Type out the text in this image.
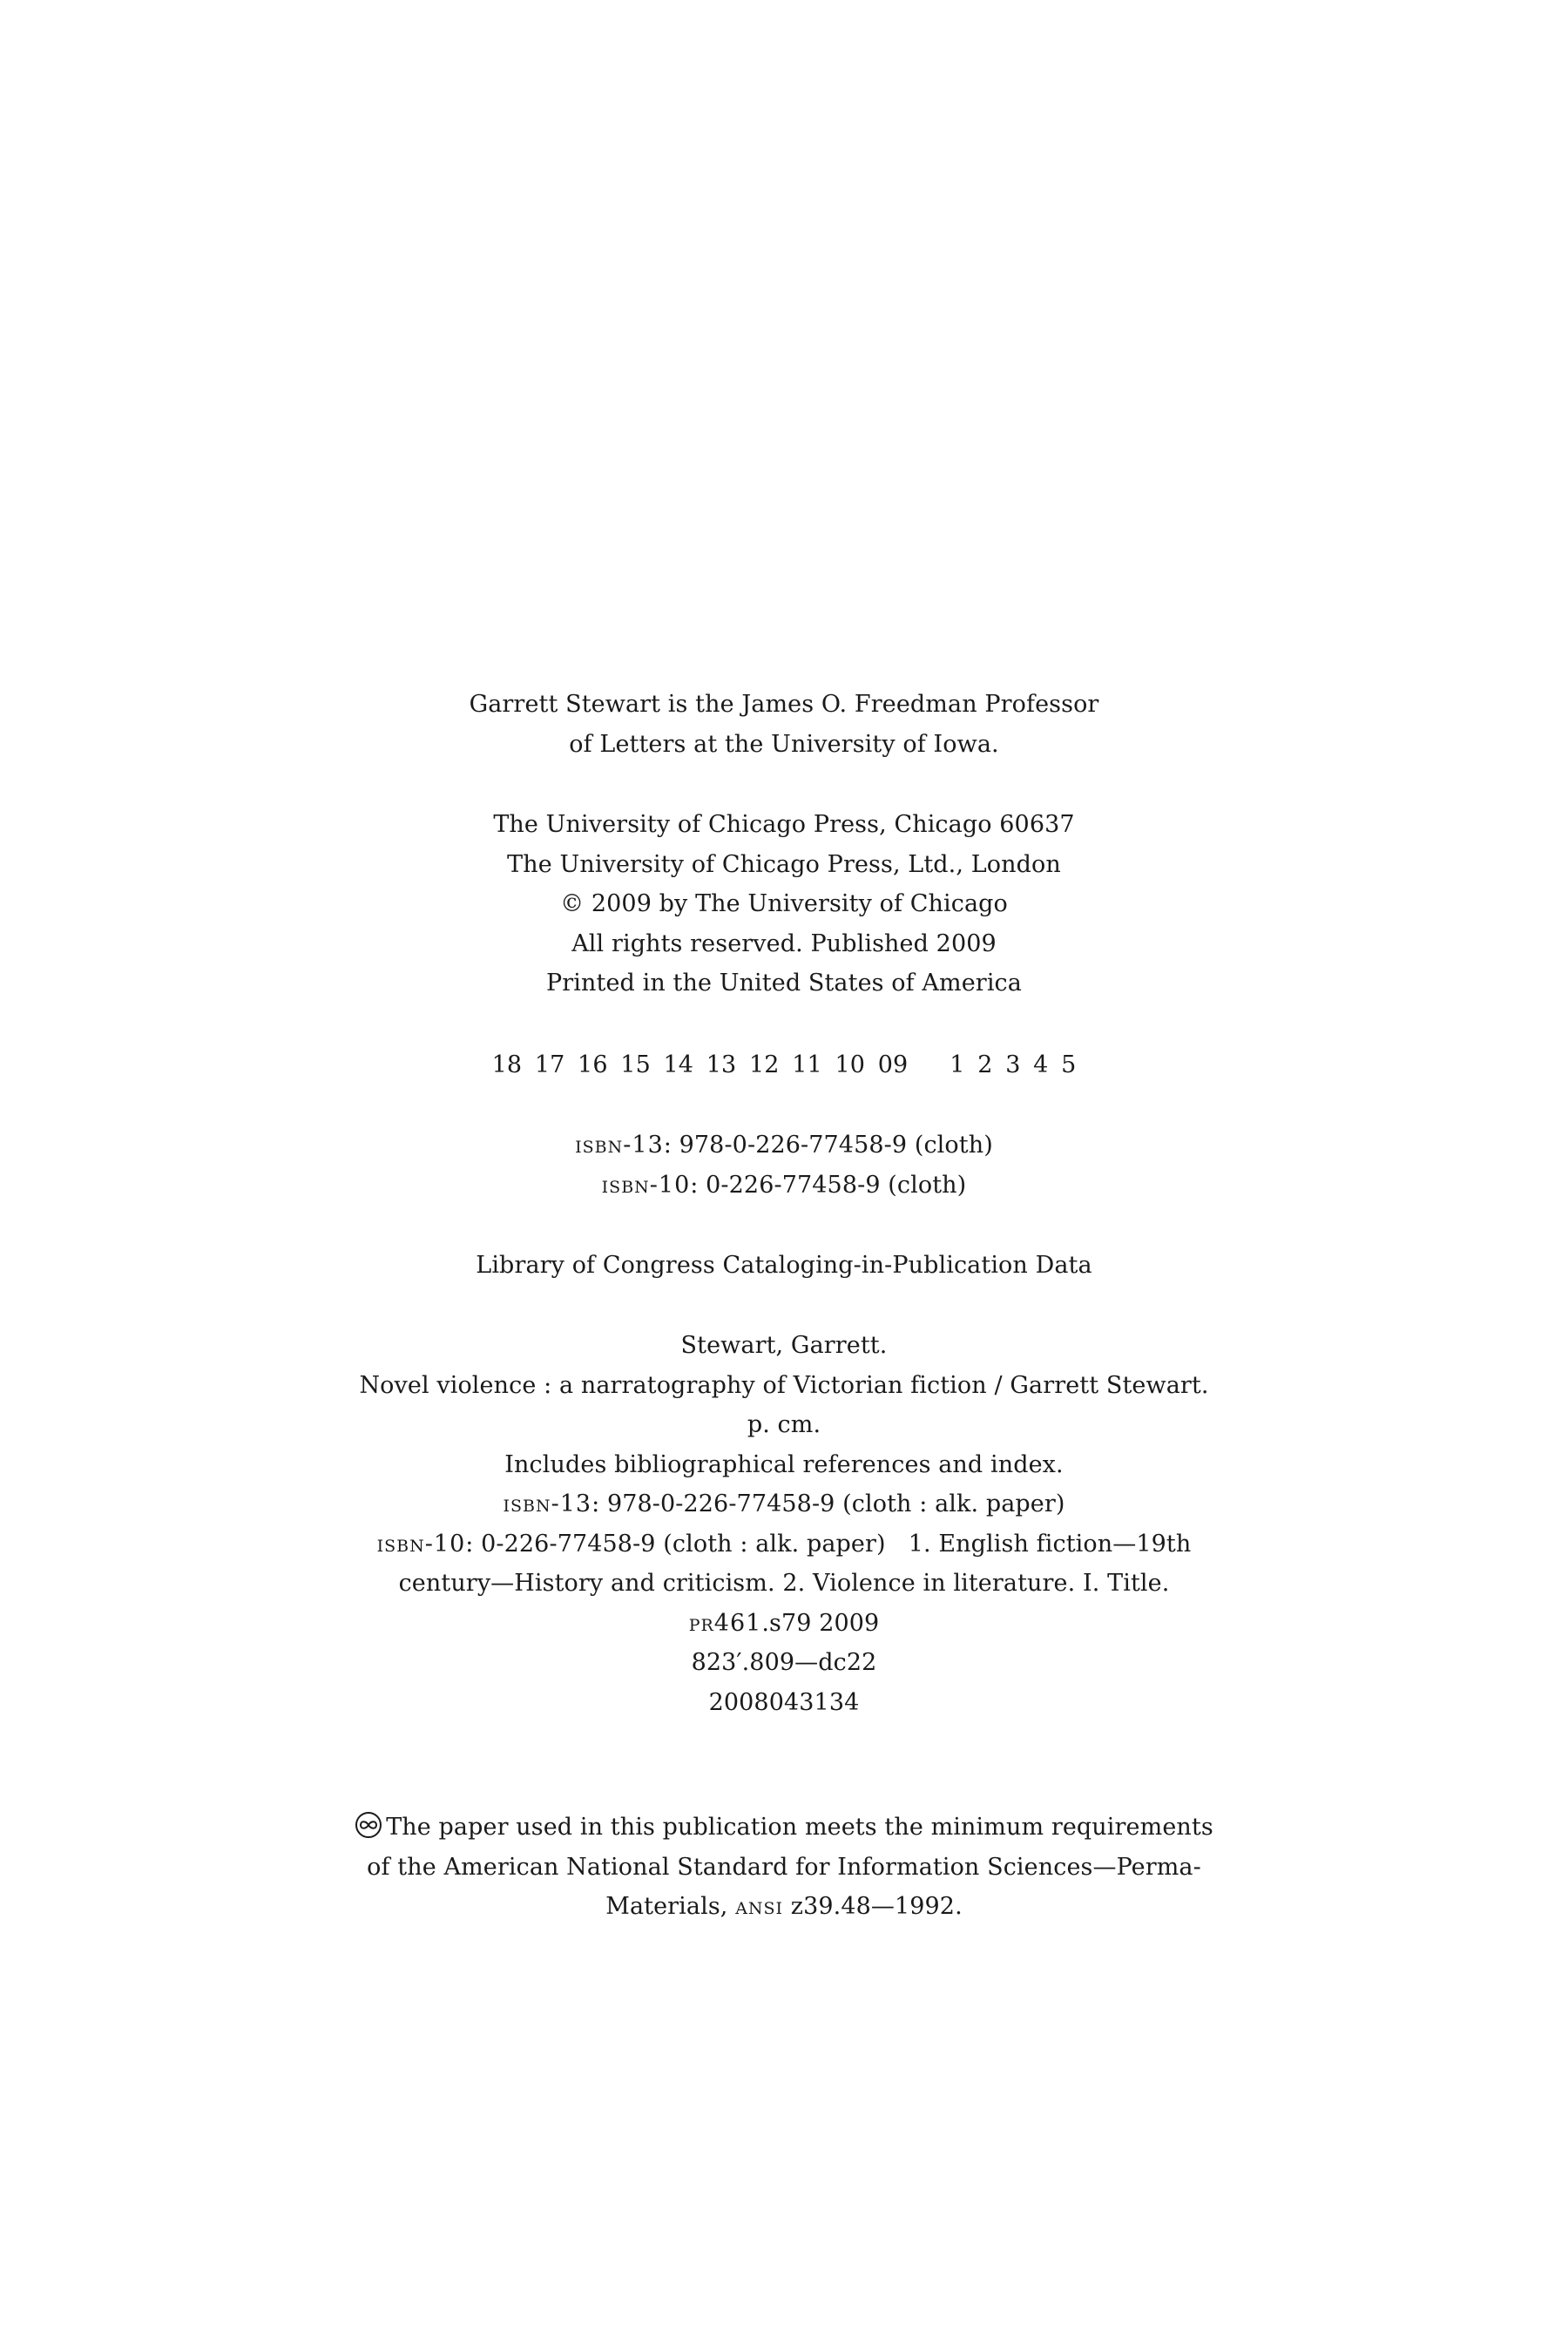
Garrett Stewart is the James O. Freedman Professor
of Letters at the University of Iowa.
The University of Chicago Press, Chicago 60637
The University of Chicago Press, Ltd., London
© 2009 by The University of Chicago
All rights reserved. Published 2009
Printed in the United States of America
18 17 16 15 14 13 12 11 10 09 1 2 3 4 5
isbn-13: 978-0-226-77458-9 (cloth)
isbn-10: 0-226-77458-9 (cloth)
Library of Congress Cataloging-in-Publication Data
Stewart, Garrett.
Novel violence : a narratography of Victorian fiction / Garrett Stewart.
p. cm.
Includes bibliographical references and index.
isbn-13: 978-0-226-77458-9 (cloth : alk. paper)
isbn-10: 0-226-77458-9 (cloth : alk. paper) 1. English fiction—19th
century—History and criticism. 2. Violence in literature. I. Title.
pr461.s79 2009
823′.809—dc22
2008043134
The paper used in this publication meets the minimum requirements
of the American National Standard for Information Sciences—Perma-
Materials, ansi z39.48—1992.
